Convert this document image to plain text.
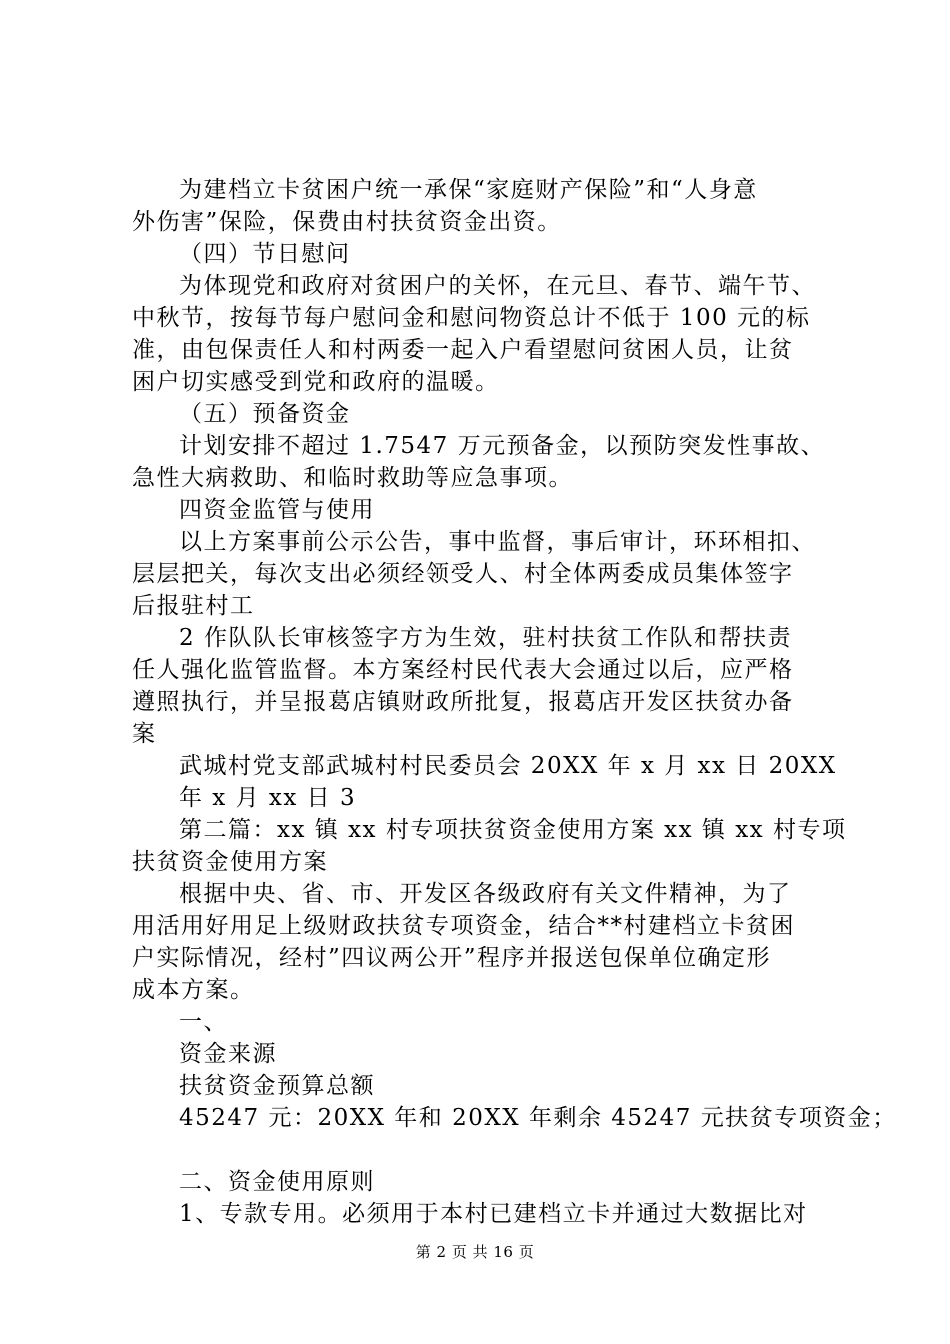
为建档立卡贫困户统一承保“家庭财产保险”和“人身意
外伤害”保险，保费由村扶贫资金出资。
（四）节日慰问
为体现党和政府对贫困户的关怀，在元旦、春节、端午节、
中秋节，按每节每户慰问金和慰问物资总计不低于 100 元的标
准，由包保责任人和村两委一起入户看望慰问贫困人员，让贫
困户切实感受到党和政府的温暖。
（五）预备资金
计划安排不超过 1.7547 万元预备金，以预防突发性事故、
急性大病救助、和临时救助等应急事项。
四资金监管与使用
以上方案事前公示公告，事中监督，事后审计，环环相扣、
层层把关，每次支出必须经领受人、村全体两委成员集体签字
后报驻村工
2 作队队长审核签字方为生效，驻村扶贫工作队和帮扶责
任人强化监管监督。本方案经村民代表大会通过以后，应严格
遵照执行，并呈报葛店镇财政所批复，报葛店开发区扶贫办备
案
武城村党支部武城村村民委员会 20XX 年 x 月 xx 日 20XX
年 x 月 xx 日 3
第二篇：xx 镇 xx 村专项扶贫资金使用方案 xx 镇 xx 村专项
扶贫资金使用方案
根据中央、省、市、开发区各级政府有关文件精神，为了
用活用好用足上级财政扶贫专项资金，结合**村建档立卡贫困
户实际情况，经村”四议两公开”程序并报送包保单位确定形
成本方案。
一、
资金来源
扶贫资金预算总额
45247 元：20XX 年和 20XX 年剩余 45247 元扶贫专项资金；
二、资金使用原则
1、专款专用。必须用于本村已建档立卡并通过大数据比对
第 2 页 共 16 页
